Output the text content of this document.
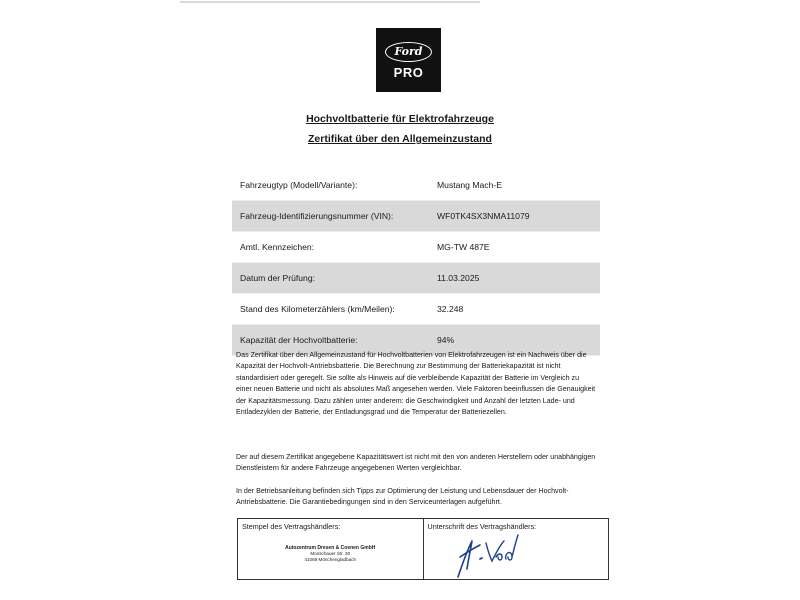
Ford
PRO
Hochvoltbatterie für Elektrofahrzeuge
Zertifikat über den Allgemeinzustand
Fahrzeugtyp (Modell/Variante):	Mustang Mach-E
Fahrzeug-Identifizierungsnummer (VIN):	WF0TK4SX3NMA11079
Amtl. Kennzeichen:	MG-TW 487E
Datum der Prüfung:	11.03.2025
Stand des Kilometerzählers (km/Meilen):	32.248
Kapazität der Hochvoltbatterie:	94%
Das Zertifikat über den Allgemeinzustand für Hochvoltbatterien von Elektrofahrzeugen ist ein Nachweis über die Kapazität der Hochvolt-Antriebsbatterie. Die Berechnung zur Bestimmung der Batteriekapazität ist nicht standardisiert oder geregelt. Sie sollte als Hinweis auf die verbleibende Kapazität der Batterie im Vergleich zu einer neuen Batterie und nicht als absolutes Maß angesehen werden. Viele Faktoren beeinflussen die Genauigkeit der Kapazitätsmessung. Dazu zählen unter anderem: die Geschwindigkeit und Anzahl der letzten Lade- und Entladezyklen der Batterie, der Entladungsgrad und die Temperatur der Batteriezellen.
Der auf diesem Zertifikat angegebene Kapazitätswert ist nicht mit den von anderen Herstellern oder unabhängigen Dienstleistern für andere Fahrzeuge angegebenen Werten vergleichbar.
In der Betriebsanleitung befinden sich Tipps zur Optimierung der Leistung und Lebensdauer der Hochvolt-Antriebsbatterie. Die Garantiebedingungen sind in den Serviceunterlagen aufgeführt.
Stempel des Vertragshändlers:
Autozentrum Dresen & Coenen GmbH
Monschauer Str. 30
41068 Mönchengladbach
Unterschrift des Vertragshändlers:
